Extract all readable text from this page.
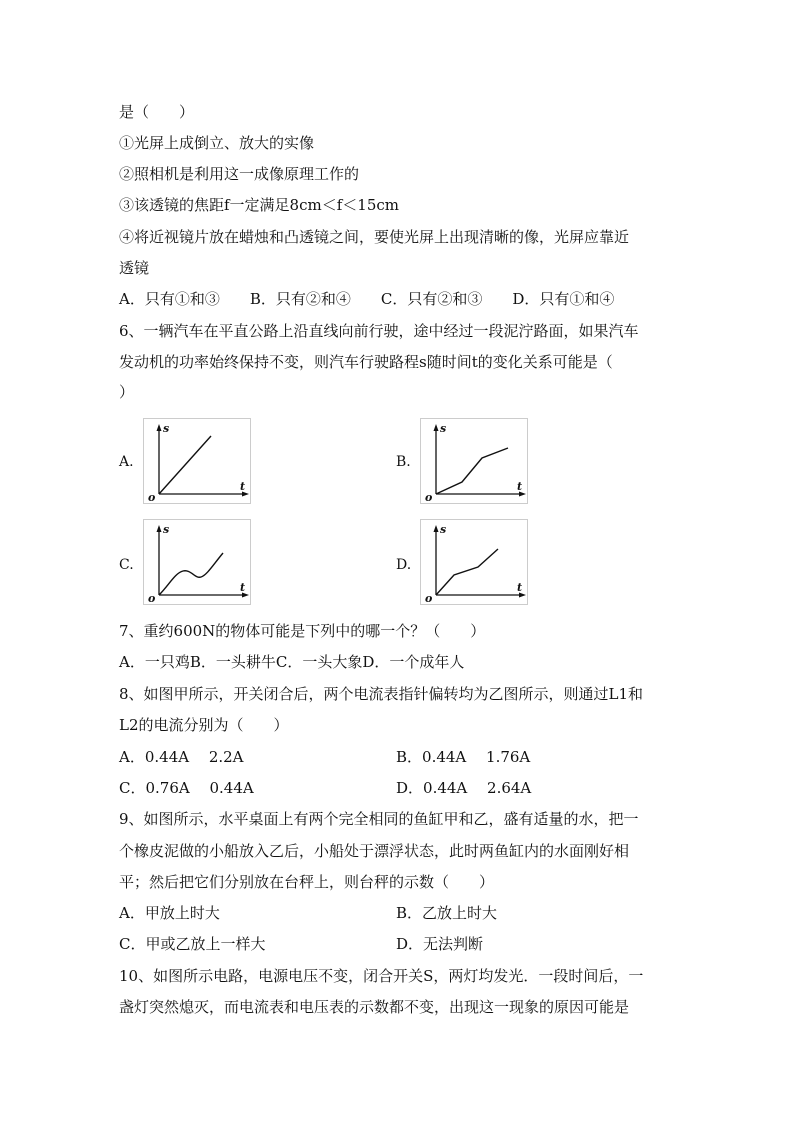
是（　　）
①光屏上成倒立、放大的实像
②照相机是利用这一成像原理工作的
③该透镜的焦距f一定满足8cm＜f＜15cm
④将近视镜片放在蜡烛和凸透镜之间，要使光屏上出现清晰的像，光屏应靠近
透镜
A．只有①和③　　B．只有②和④　　C．只有②和③　　D．只有①和④
6、一辆汽车在平直公路上沿直线向前行驶，途中经过一段泥泞路面，如果汽车
发动机的功率始终保持不变，则汽车行驶路程s随时间t的变化关系可能是（
）
A.
s
t
o
B.
s
t
o
C.
s
t
o
D.
s
t
o
7、重约600N的物体可能是下列中的哪一个？（　　）
A．一只鸡B．一头耕牛C．一头大象D．一个成年人
8、如图甲所示，开关闭合后，两个电流表指针偏转均为乙图所示，则通过L1和
L2的电流分别为（　　）
A．0.44A　 2.2A	B．0.44A　 1.76A
C．0.76A　 0.44A	D．0.44A　 2.64A
9、如图所示，水平桌面上有两个完全相同的鱼缸甲和乙，盛有适量的水，把一
个橡皮泥做的小船放入乙后，小船处于漂浮状态，此时两鱼缸内的水面刚好相
平；然后把它们分别放在台秤上，则台秤的示数（　　）
A．甲放上时大	B．乙放上时大
C．甲或乙放上一样大	D．无法判断
10、如图所示电路，电源电压不变，闭合开关S，两灯均发光．一段时间后，一
盏灯突然熄灭，而电流表和电压表的示数都不变，出现这一现象的原因可能是
